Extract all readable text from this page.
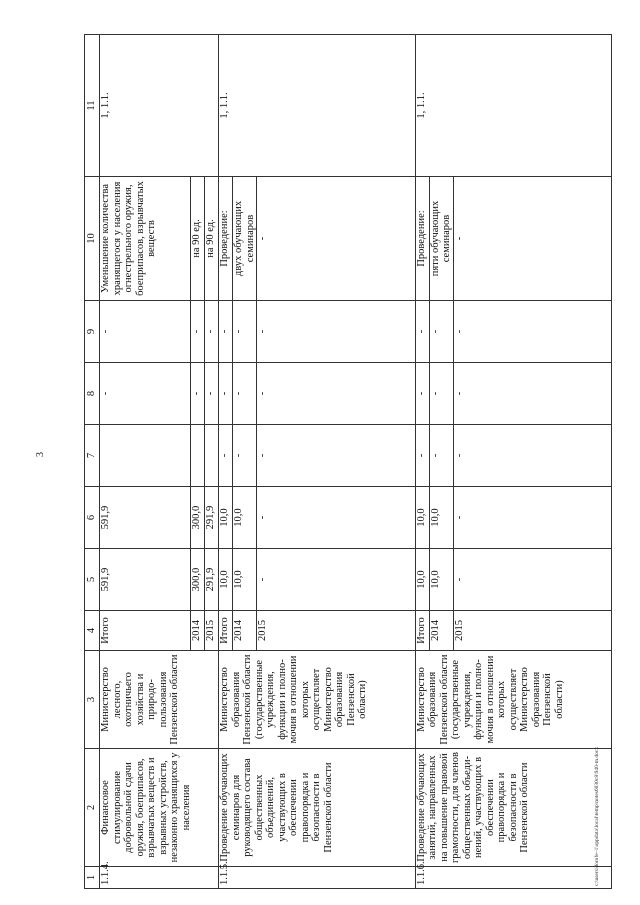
3
1	2	3	4	5	6	7	8	9	10	11
1.1.4.	Финансовое стимулирование добровольной сдачи оружия, боеприпасов, взрывчатых веществ и взрывных устройств, незаконно хранящихся у населения	Министерство лесного, охотничьего хозяйства и природо-пользования Пензенской области	Итого	591,9	591,9		-	-	Уменьшение количества хранящегося у населения огнестрельного оружия, боеприпасов, взрывчатых веществ	1, 1.1.
			2014	300,0	300,0		-	-	на 90 ед.	
			2015	291,9	291,9		-	-	на 90 ед.	
1.1.5.	Проведение обучающих семинаров для руководящего состава общественных объединений, участвующих в обеспечении правопорядка и безопасности в Пензенской области	Министерство образования Пензенской области (государственные учреждения, функции и полно-мочия в отношении которых осуществляет Министерство образования Пензенской области)	Итого	10,0	10,0	-	-	-	Проведение:	1, 1.1.
			2014	10,0	10,0	-	-	-	двух обучающих семинаров	
			2015	-	-	-	-	-	-	
1.1.6.	Проведение обучающих занятий, направленных на повышение правовой грамотности, для членов общественных объеди-нений, участвующих в обеспечении правопорядка и безопасности в Пензенской области	Министерство образования Пензенской области (государственные учреждения, функции и полно-мочия в отношении которых осуществляет Министерство образования Пензенской области)	Итого	10,0	10,0	-	-	-	Проведение:	1, 1.1.
			2014	10,0	10,0	-	-	-	пяти обучающих семинаров	
			2015	-	-	-	-	-	-	
c:\users\dorofe~1\appdata\local\temp\notes6030c8\940-m.docx
